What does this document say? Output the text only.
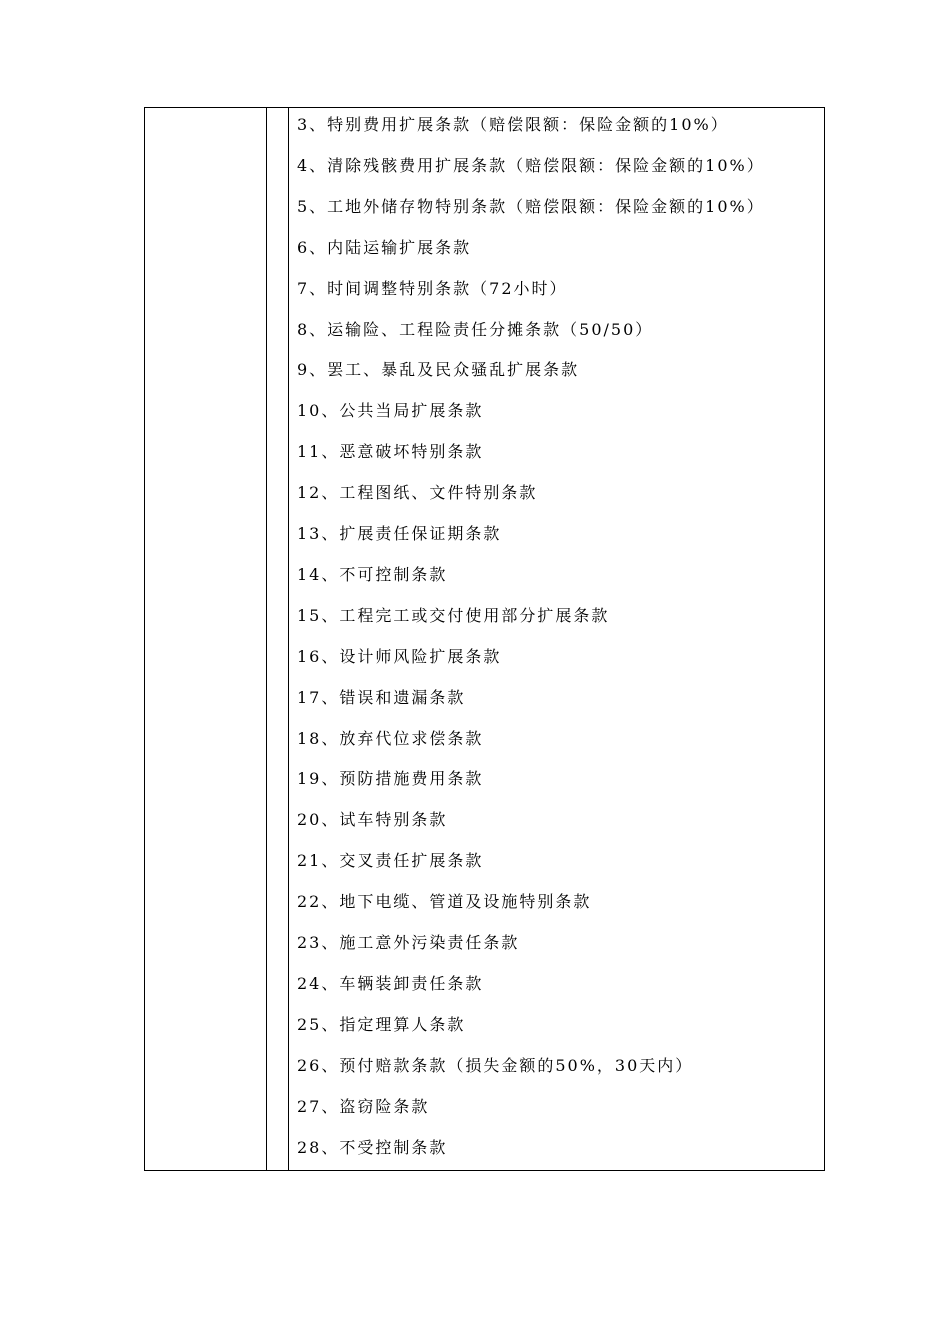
3、特别费用扩展条款（赔偿限额：保险金额的10%）
4、清除残骸费用扩展条款（赔偿限额：保险金额的10%）
5、工地外储存物特别条款（赔偿限额：保险金额的10%）
6、内陆运输扩展条款
7、时间调整特别条款（72小时）
8、运输险、工程险责任分摊条款（50/50）
9、罢工、暴乱及民众骚乱扩展条款
10、公共当局扩展条款
11、恶意破坏特别条款
12、工程图纸、文件特别条款
13、扩展责任保证期条款
14、不可控制条款
15、工程完工或交付使用部分扩展条款
16、设计师风险扩展条款
17、错误和遗漏条款
18、放弃代位求偿条款
19、预防措施费用条款
20、试车特别条款
21、交叉责任扩展条款
22、地下电缆、管道及设施特别条款
23、施工意外污染责任条款
24、车辆装卸责任条款
25、指定理算人条款
26、预付赔款条款（损失金额的50%，30天内）
27、盗窃险条款
28、不受控制条款
